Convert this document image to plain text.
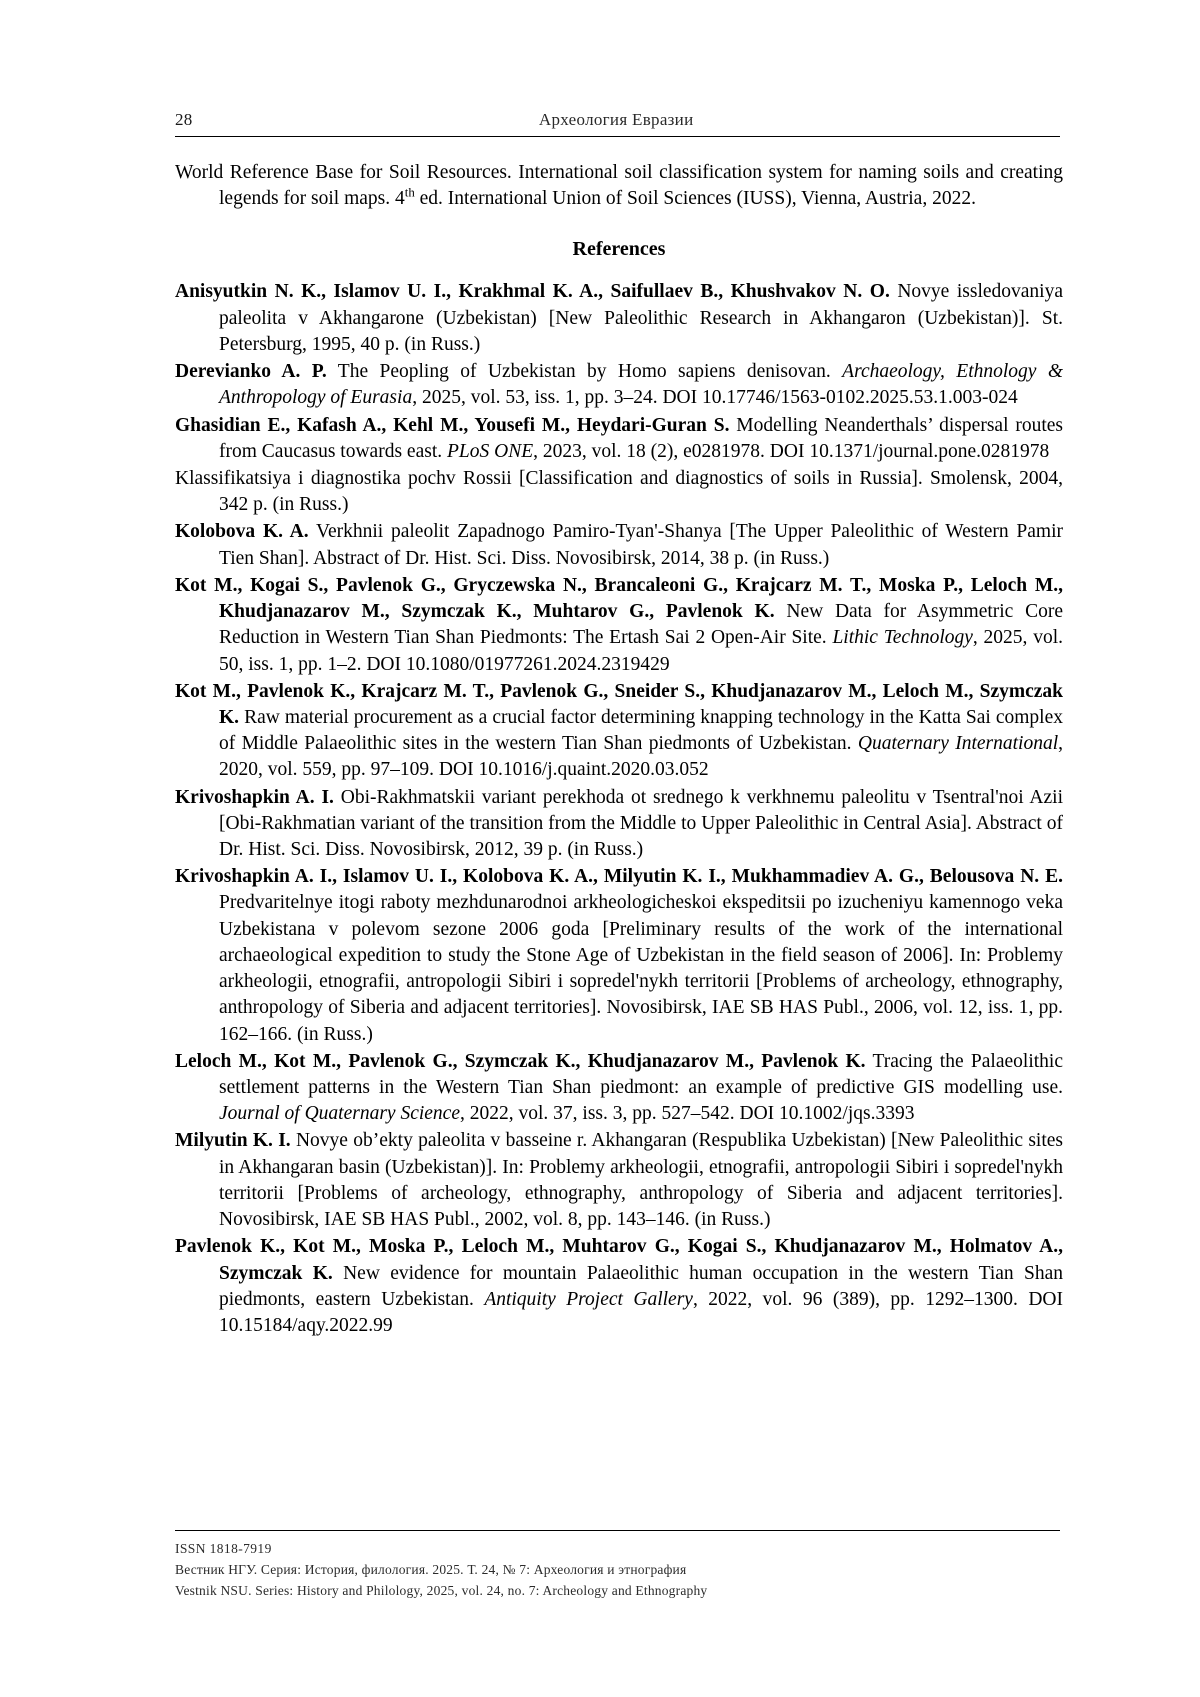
28	Археология Евразии

World Reference Base for Soil Resources. International soil classification system for naming soils and creating legends for soil maps. 4th ed. International Union of Soil Sciences (IUSS), Vienna, Austria, 2022.

References

Anisyutkin N. K., Islamov U. I., Krakhmal K. A., Saifullaev B., Khushvakov N. O. Novye issledovaniya paleolita v Akhangarone (Uzbekistan) [New Paleolithic Research in Akhangaron (Uzbekistan)]. St. Petersburg, 1995, 40 p. (in Russ.)

Derevianko A. P. The Peopling of Uzbekistan by Homo sapiens denisovan. Archaeology, Ethnology & Anthropology of Eurasia, 2025, vol. 53, iss. 1, pp. 3–24. DOI 10.17746/1563-0102.2025.53.1.003-024

Ghasidian E., Kafash A., Kehl M., Yousefi M., Heydari-Guran S. Modelling Neanderthals’ dispersal routes from Caucasus towards east. PLoS ONE, 2023, vol. 18 (2), e0281978. DOI 10.1371/journal.pone.0281978

Klassifikatsiya i diagnostika pochv Rossii [Classification and diagnostics of soils in Russia]. Smolensk, 2004, 342 p. (in Russ.)

Kolobova K. A. Verkhnii paleolit Zapadnogo Pamiro-Tyan'-Shanya [The Upper Paleolithic of Western Pamir Tien Shan]. Abstract of Dr. Hist. Sci. Diss. Novosibirsk, 2014, 38 p. (in Russ.)

Kot M., Kogai S., Pavlenok G., Gryczewska N., Brancaleoni G., Krajcarz M. T., Moska P., Leloch M., Khudjanazarov M., Szymczak K., Muhtarov G., Pavlenok K. New Data for Asymmetric Core Reduction in Western Tian Shan Piedmonts: The Ertash Sai 2 Open-Air Site. Lithic Technology, 2025, vol. 50, iss. 1, pp. 1–2. DOI 10.1080/01977261.2024.2319429

Kot M., Pavlenok K., Krajcarz M. T., Pavlenok G., Sneider S., Khudjanazarov M., Leloch M., Szymczak K. Raw material procurement as a crucial factor determining knapping technology in the Katta Sai complex of Middle Palaeolithic sites in the western Tian Shan piedmonts of Uzbekistan. Quaternary International, 2020, vol. 559, pp. 97–109. DOI 10.1016/j.quaint.2020.03.052

Krivoshapkin A. I. Obi-Rakhmatskii variant perekhoda ot srednego k verkhnemu paleolitu v Tsentral'noi Azii [Obi-Rakhmatian variant of the transition from the Middle to Upper Paleolithic in Central Asia]. Abstract of Dr. Hist. Sci. Diss. Novosibirsk, 2012, 39 p. (in Russ.)

Krivoshapkin A. I., Islamov U. I., Kolobova K. A., Milyutin K. I., Mukhammadiev A. G., Belousova N. E. Predvaritelnye itogi raboty mezhdunarodnoi arkheologicheskoi ekspeditsii po izucheniyu kamennogo veka Uzbekistana v polevom sezone 2006 goda [Preliminary results of the work of the international archaeological expedition to study the Stone Age of Uzbekistan in the field season of 2006]. In: Problemy arkheologii, etnografii, antropologii Sibiri i sopredel'nykh territorii [Problems of archeology, ethnography, anthropology of Siberia and adjacent territories]. Novosibirsk, IAE SB HAS Publ., 2006, vol. 12, iss. 1, pp. 162–166. (in Russ.)

Leloch M., Kot M., Pavlenok G., Szymczak K., Khudjanazarov M., Pavlenok K. Tracing the Palaeolithic settlement patterns in the Western Tian Shan piedmont: an example of predictive GIS modelling use. Journal of Quaternary Science, 2022, vol. 37, iss. 3, pp. 527–542. DOI 10.1002/jqs.3393

Milyutin K. I. Novye ob’ekty paleolita v basseine r. Akhangaran (Respublika Uzbekistan) [New Paleolithic sites in Akhangaran basin (Uzbekistan)]. In: Problemy arkheologii, etnografii, antropologii Sibiri i sopredel'nykh territorii [Problems of archeology, ethnography, anthropology of Siberia and adjacent territories]. Novosibirsk, IAE SB HAS Publ., 2002, vol. 8, pp. 143–146. (in Russ.)

Pavlenok K., Kot M., Moska P., Leloch M., Muhtarov G., Kogai S., Khudjanazarov M., Holmatov A., Szymczak K. New evidence for mountain Palaeolithic human occupation in the western Tian Shan piedmonts, eastern Uzbekistan. Antiquity Project Gallery, 2022, vol. 96 (389), pp. 1292–1300. DOI 10.15184/aqy.2022.99

ISSN 1818-7919
Вестник НГУ. Серия: История, филология. 2025. Т. 24, № 7: Археология и этнография
Vestnik NSU. Series: History and Philology, 2025, vol. 24, no. 7: Archeology and Ethnography
